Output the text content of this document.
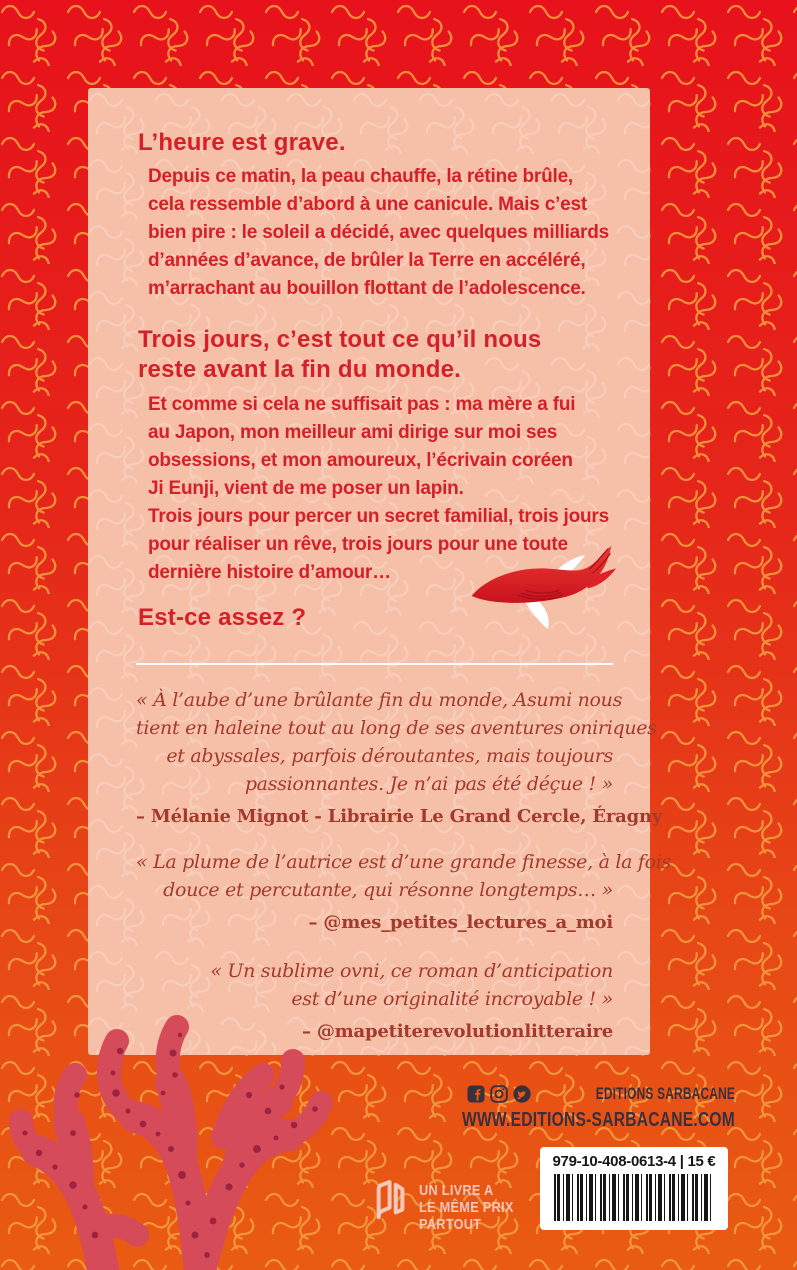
L’heure est grave.
Depuis ce matin, la peau chauffe, la rétine brûle,
cela ressemble d’abord à une canicule. Mais c’est
bien pire : le soleil a décidé, avec quelques milliards
d’années d’avance, de brûler la Terre en accéléré,
m’arrachant au bouillon flottant de l’adolescence.
Trois jours, c’est tout ce qu’il nous
reste avant la fin du monde.
Et comme si cela ne suffisait pas : ma mère a fui
au Japon, mon meilleur ami dirige sur moi ses
obsessions, et mon amoureux, l’écrivain coréen
Ji Eunji, vient de me poser un lapin.
Trois jours pour percer un secret familial, trois jours
pour réaliser un rêve, trois jours pour une toute
dernière histoire d’amour…
Est-ce assez ?
« À l’aube d’une brûlante fin du monde, Asumi nous
tient en haleine tout au long de ses aventures oniriques
et abyssales, parfois déroutantes, mais toujours
passionnantes. Je n’ai pas été déçue ! »
– Mélanie Mignot - Librairie Le Grand Cercle, Éragny
« La plume de l’autrice est d’une grande finesse, à la fois
douce et percutante, qui résonne longtemps… »
– @mes_petites_lectures_a_moi
« Un sublime ovni, ce roman d’anticipation
est d’une originalité incroyable ! »
– @mapetiterevolutionlitteraire
EDITIONS SARBACANE
WWW.EDITIONS-SARBACANE.COM
UN LIVRE A
LE MÊME PRIX
PARTOUT
979-10-408-0613-4 | 15 €
